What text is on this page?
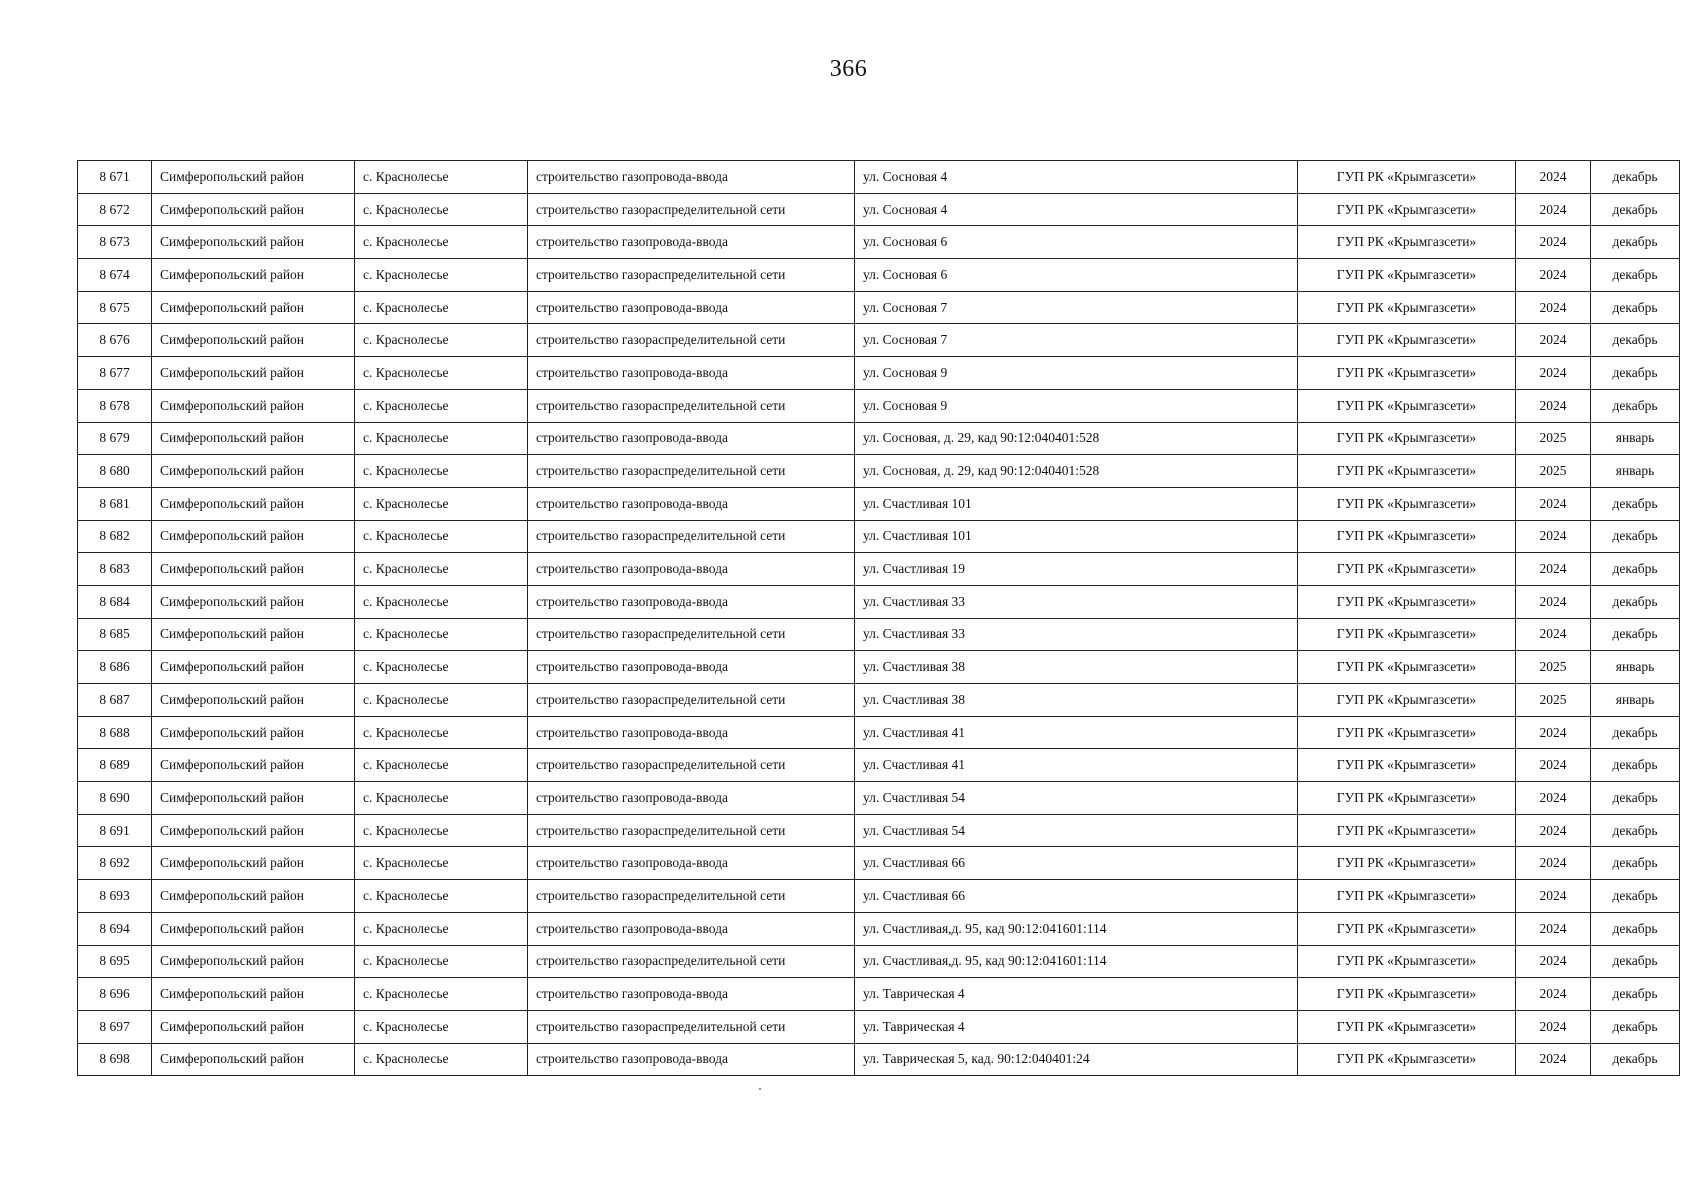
366
8 671	Симферопольский район	с. Краснолесье	строительство газопровода-ввода	ул. Сосновая 4	ГУП РК «Крымгазсети»	2024	декабрь
8 672	Симферопольский район	с. Краснолесье	строительство газораспределительной сети	ул. Сосновая 4	ГУП РК «Крымгазсети»	2024	декабрь
8 673	Симферопольский район	с. Краснолесье	строительство газопровода-ввода	ул. Сосновая 6	ГУП РК «Крымгазсети»	2024	декабрь
8 674	Симферопольский район	с. Краснолесье	строительство газораспределительной сети	ул. Сосновая 6	ГУП РК «Крымгазсети»	2024	декабрь
8 675	Симферопольский район	с. Краснолесье	строительство газопровода-ввода	ул. Сосновая 7	ГУП РК «Крымгазсети»	2024	декабрь
8 676	Симферопольский район	с. Краснолесье	строительство газораспределительной сети	ул. Сосновая 7	ГУП РК «Крымгазсети»	2024	декабрь
8 677	Симферопольский район	с. Краснолесье	строительство газопровода-ввода	ул. Сосновая 9	ГУП РК «Крымгазсети»	2024	декабрь
8 678	Симферопольский район	с. Краснолесье	строительство газораспределительной сети	ул. Сосновая 9	ГУП РК «Крымгазсети»	2024	декабрь
8 679	Симферопольский район	с. Краснолесье	строительство газопровода-ввода	ул. Сосновая, д. 29, кад 90:12:040401:528	ГУП РК «Крымгазсети»	2025	январь
8 680	Симферопольский район	с. Краснолесье	строительство газораспределительной сети	ул. Сосновая, д. 29, кад 90:12:040401:528	ГУП РК «Крымгазсети»	2025	январь
8 681	Симферопольский район	с. Краснолесье	строительство газопровода-ввода	ул. Счастливая 101	ГУП РК «Крымгазсети»	2024	декабрь
8 682	Симферопольский район	с. Краснолесье	строительство газораспределительной сети	ул. Счастливая 101	ГУП РК «Крымгазсети»	2024	декабрь
8 683	Симферопольский район	с. Краснолесье	строительство газопровода-ввода	ул. Счастливая 19	ГУП РК «Крымгазсети»	2024	декабрь
8 684	Симферопольский район	с. Краснолесье	строительство газопровода-ввода	ул. Счастливая 33	ГУП РК «Крымгазсети»	2024	декабрь
8 685	Симферопольский район	с. Краснолесье	строительство газораспределительной сети	ул. Счастливая 33	ГУП РК «Крымгазсети»	2024	декабрь
8 686	Симферопольский район	с. Краснолесье	строительство газопровода-ввода	ул. Счастливая 38	ГУП РК «Крымгазсети»	2025	январь
8 687	Симферопольский район	с. Краснолесье	строительство газораспределительной сети	ул. Счастливая 38	ГУП РК «Крымгазсети»	2025	январь
8 688	Симферопольский район	с. Краснолесье	строительство газопровода-ввода	ул. Счастливая 41	ГУП РК «Крымгазсети»	2024	декабрь
8 689	Симферопольский район	с. Краснолесье	строительство газораспределительной сети	ул. Счастливая 41	ГУП РК «Крымгазсети»	2024	декабрь
8 690	Симферопольский район	с. Краснолесье	строительство газопровода-ввода	ул. Счастливая 54	ГУП РК «Крымгазсети»	2024	декабрь
8 691	Симферопольский район	с. Краснолесье	строительство газораспределительной сети	ул. Счастливая 54	ГУП РК «Крымгазсети»	2024	декабрь
8 692	Симферопольский район	с. Краснолесье	строительство газопровода-ввода	ул. Счастливая 66	ГУП РК «Крымгазсети»	2024	декабрь
8 693	Симферопольский район	с. Краснолесье	строительство газораспределительной сети	ул. Счастливая 66	ГУП РК «Крымгазсети»	2024	декабрь
8 694	Симферопольский район	с. Краснолесье	строительство газопровода-ввода	ул. Счастливая,д. 95, кад 90:12:041601:114	ГУП РК «Крымгазсети»	2024	декабрь
8 695	Симферопольский район	с. Краснолесье	строительство газораспределительной сети	ул. Счастливая,д. 95, кад 90:12:041601:114	ГУП РК «Крымгазсети»	2024	декабрь
8 696	Симферопольский район	с. Краснолесье	строительство газопровода-ввода	ул. Таврическая 4	ГУП РК «Крымгазсети»	2024	декабрь
8 697	Симферопольский район	с. Краснолесье	строительство газораспределительной сети	ул. Таврическая 4	ГУП РК «Крымгазсети»	2024	декабрь
8 698	Симферопольский район	с. Краснолесье	строительство газопровода-ввода	ул. Таврическая 5, кад. 90:12:040401:24	ГУП РК «Крымгазсети»	2024	декабрь
